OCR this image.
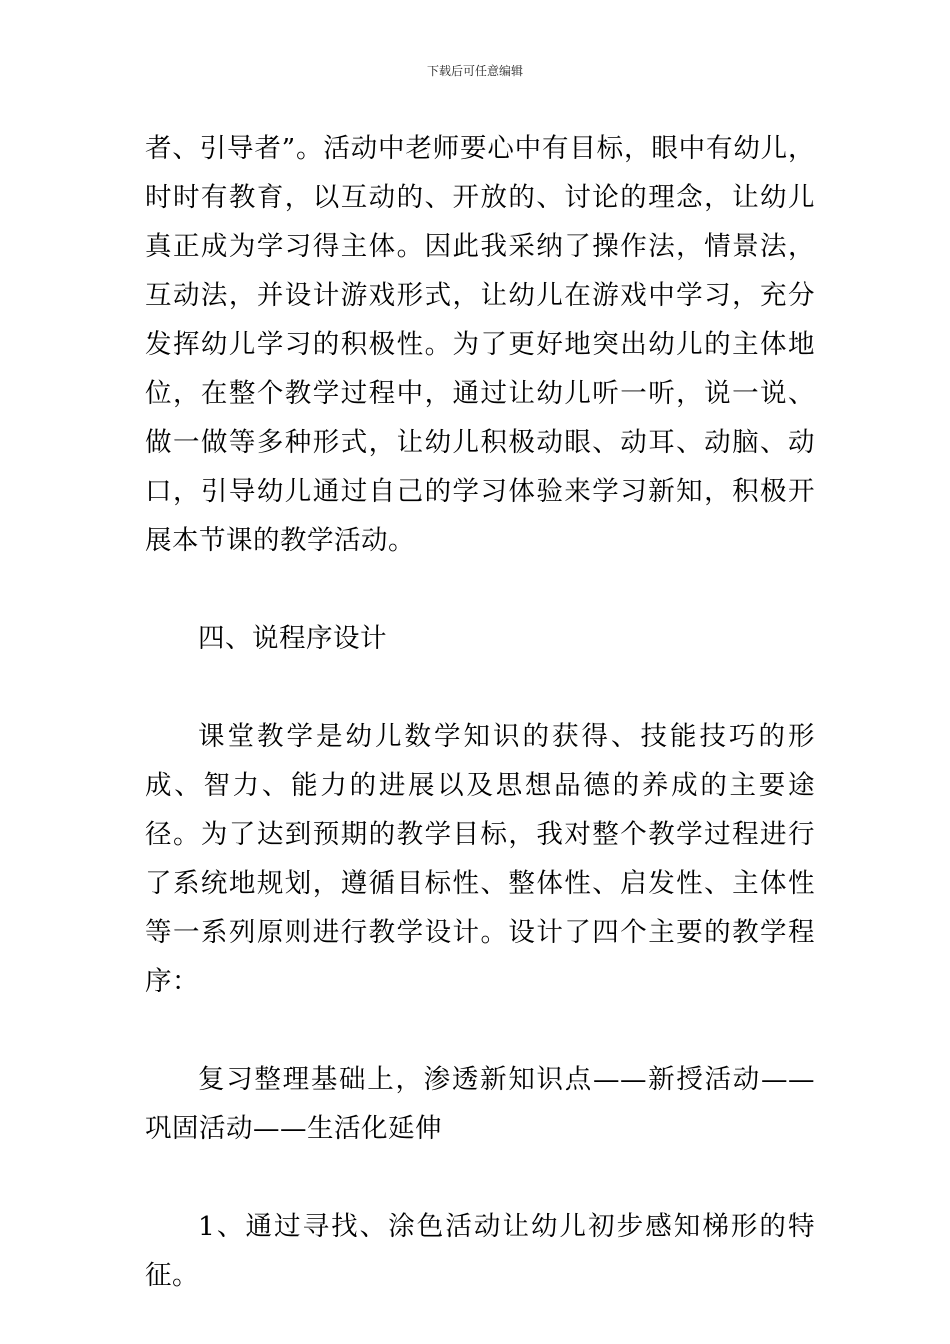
下载后可任意编辑

者、引导者”。活动中老师要心中有目标，眼中有幼儿，时时有教育，以互动的、开放的、讨论的理念，让幼儿真正成为学习得主体。因此我采纳了操作法，情景法，互动法，并设计游戏形式，让幼儿在游戏中学习，充分发挥幼儿学习的积极性。为了更好地突出幼儿的主体地位，在整个教学过程中，通过让幼儿听一听，说一说、做一做等多种形式，让幼儿积极动眼、动耳、动脑、动口，引导幼儿通过自己的学习体验来学习新知，积极开展本节课的教学活动。

四、说程序设计

课堂教学是幼儿数学知识的获得、技能技巧的形成、智力、能力的进展以及思想品德的养成的主要途径。为了达到预期的教学目标，我对整个教学过程进行了系统地规划，遵循目标性、整体性、启发性、主体性等一系列原则进行教学设计。设计了四个主要的教学程序：

复习整理基础上，渗透新知识点——新授活动——巩固活动——生活化延伸

1、通过寻找、涂色活动让幼儿初步感知梯形的特征。
